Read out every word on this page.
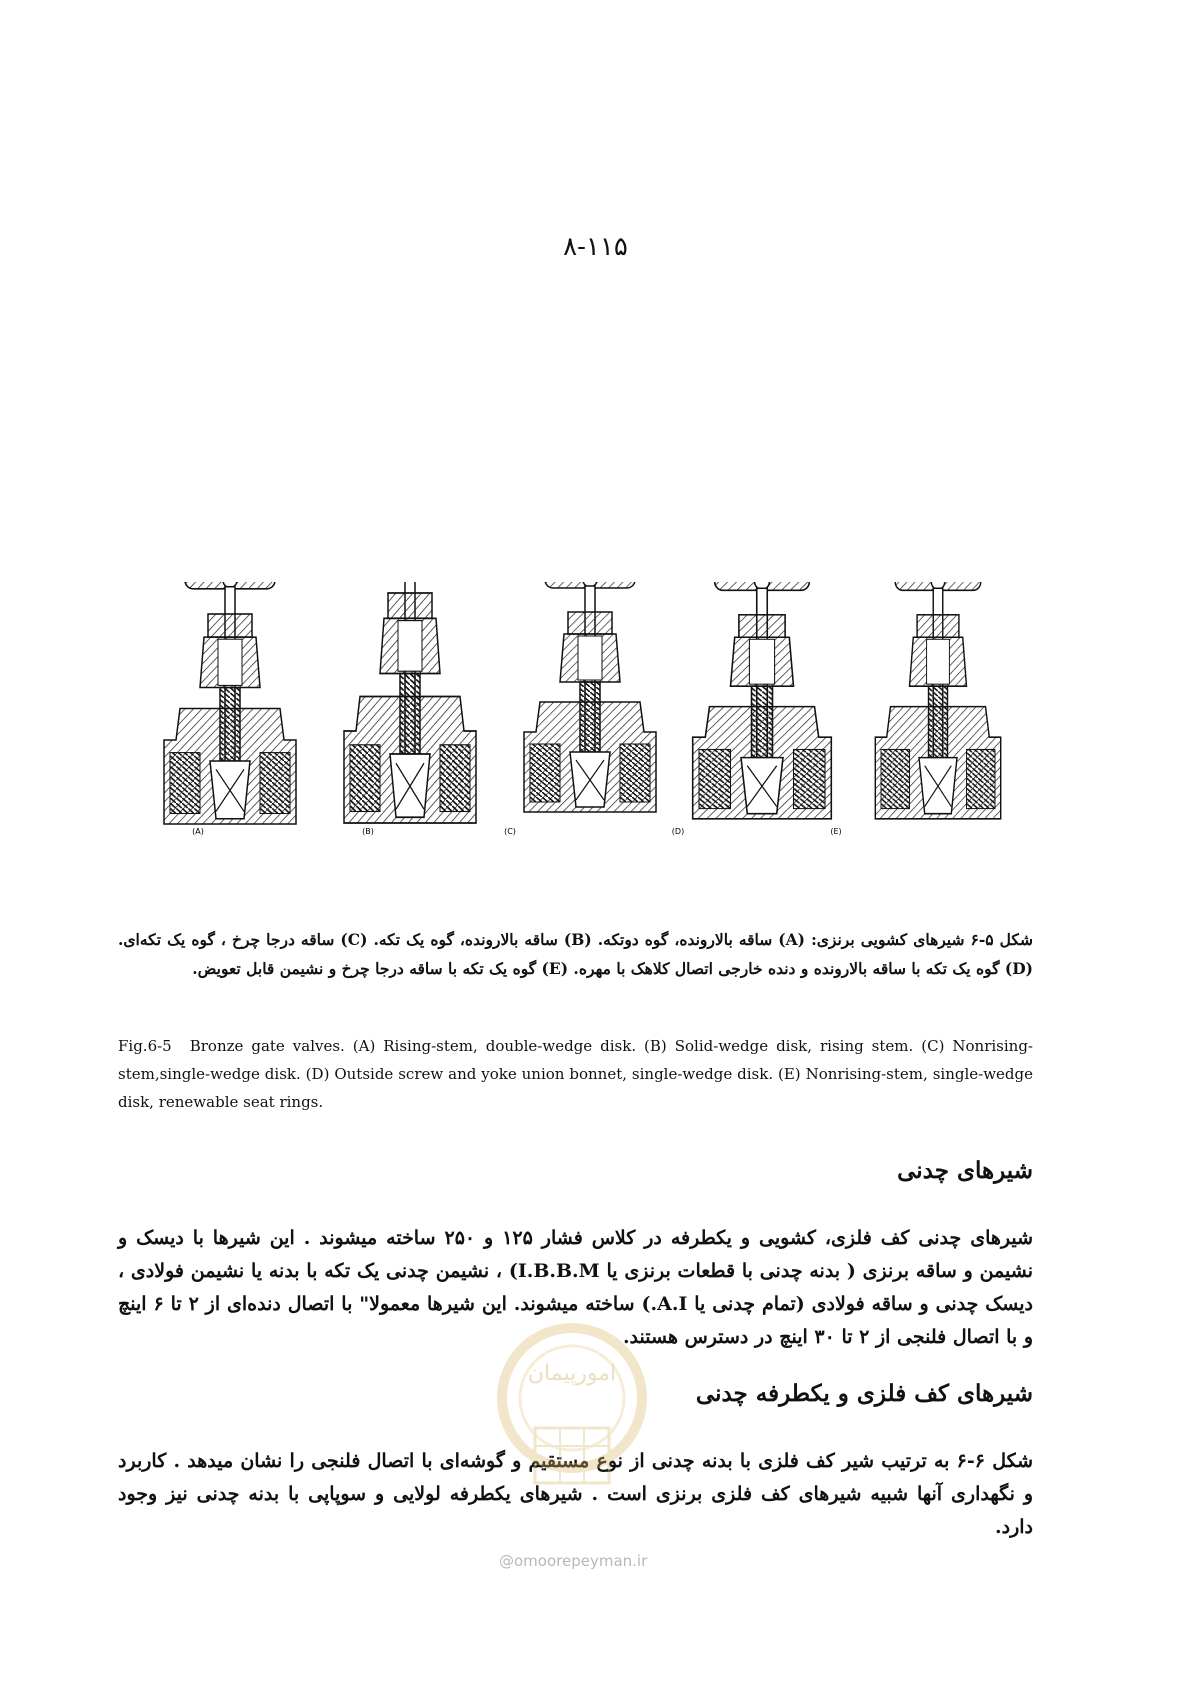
۸-۱۱۵
(A)	(B)	(C)	(D)	(E)
شکل ۵-۶ شیرهای کشویی برنزی: (A) ساقه بالارونده، گوه دوتکه. (B) ساقه بالارونده، گوه یک تکه. (C) ساقه درجا چرخ ، گوه یک تکه‌ای. (D) گوه یک تکه با ساقه بالارونده و دنده خارجی اتصال کلاهک با مهره. (E) گوه یک تکه با ساقه درجا چرخ و نشیمن قابل تعویض.
Fig.6-5 Bronze gate valves. (A) Rising-stem, double-wedge disk. (B) Solid-wedge disk, rising stem. (C) Nonrising-stem,single-wedge disk. (D) Outside screw and yoke union bonnet, single-wedge disk. (E) Nonrising-stem, single-wedge disk, renewable seat rings.
شیرهای چدنی
شیرهای چدنی کف فلزی، کشویی و یکطرفه در کلاس فشار ۱۲۵ و ۲۵۰ ساخته میشوند . این شیرها با دیسک و نشیمن و ساقه برنزی ( بدنه چدنی با قطعات برنزی یا I.B.B.M) ، نشیمن چدنی یک تکه با بدنه یا نشیمن فولادی ، دیسک چدنی و ساقه فولادی (تمام چدنی یا A.I.) ساخته میشوند. این شیرها معمولا" با اتصال دنده‌ای از ۲ تا ۶ اینچ و با اتصال فلنجی از ۲ تا ۳۰ اینچ در دسترس هستند.
شیرهای کف فلزی و یکطرفه چدنی
شکل ۶-۶ به ترتیب شیر کف فلزی با بدنه چدنی از نوع مستقیم و گوشه‌ای با اتصال فلنجی را نشان میدهد . کاربرد و نگهداری آنها شبیه شیرهای کف فلزی برنزی است . شیرهای یکطرفه لولایی و سوپاپی با بدنه چدنی نیز وجود دارد.
امورپیمان
@omoorepeyman.ir
